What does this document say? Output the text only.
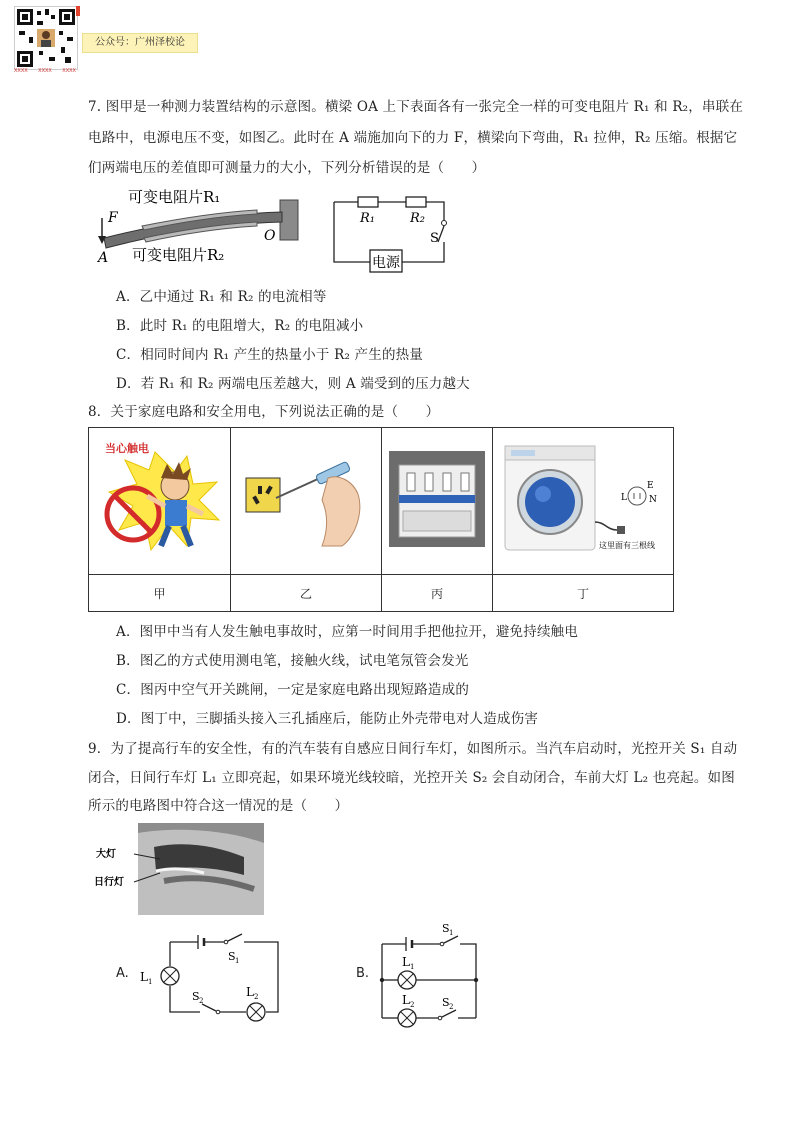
XXXX XXXX XXXX
公众号：广州泽校论
7. 图甲是一种测力装置结构的示意图。横梁 OA 上下表面各有一张完全一样的可变电阻片 R₁ 和 R₂，串联在
电路中，电源电压不变，如图乙。此时在 A 端施加向下的力 F，横梁向下弯曲，R₁ 拉伸，R₂ 压缩。根据它
们两端电压的差值即可测量力的大小，下列分析错误的是（　　）
F
A
O
可变电阻片R₁
可变电阻片R₂
R₁	R₂
S
电源
A．乙中通过 R₁ 和 R₂ 的电流相等
B．此时 R₁ 的电阻增大，R₂ 的电阻减小
C．相同时间内 R₁ 产生的热量小于 R₂ 产生的热量
D．若 R₁ 和 R₂ 两端电压差越大，则 A 端受到的压力越大
8．关于家庭电路和安全用电，下列说法正确的是（　　）
当心触电			L
E
N
这里面有三根线

甲	乙	丙	丁
A．图甲中当有人发生触电事故时，应第一时间用手把他拉开，避免持续触电
B．图乙的方式使用测电笔，接触火线，试电笔氖管会发光
C．图丙中空气开关跳闸，一定是家庭电路出现短路造成的
D．图丁中，三脚插头接入三孔插座后，能防止外壳带电对人造成伤害
9．为了提高行车的安全性，有的汽车装有自感应日间行车灯，如图所示。当汽车启动时，光控开关 S₁ 自动
闭合，日间行车灯 L₁ 立即亮起，如果环境光线较暗，光控开关 S₂ 会自动闭合，车前大灯 L₂ 也亮起。如图
所示的电路图中符合这一情况的是（　　）
大灯
日行灯
A.
S 1
L 1
S 2
L 2
B.
S 1
L 1
L 2	S 2
